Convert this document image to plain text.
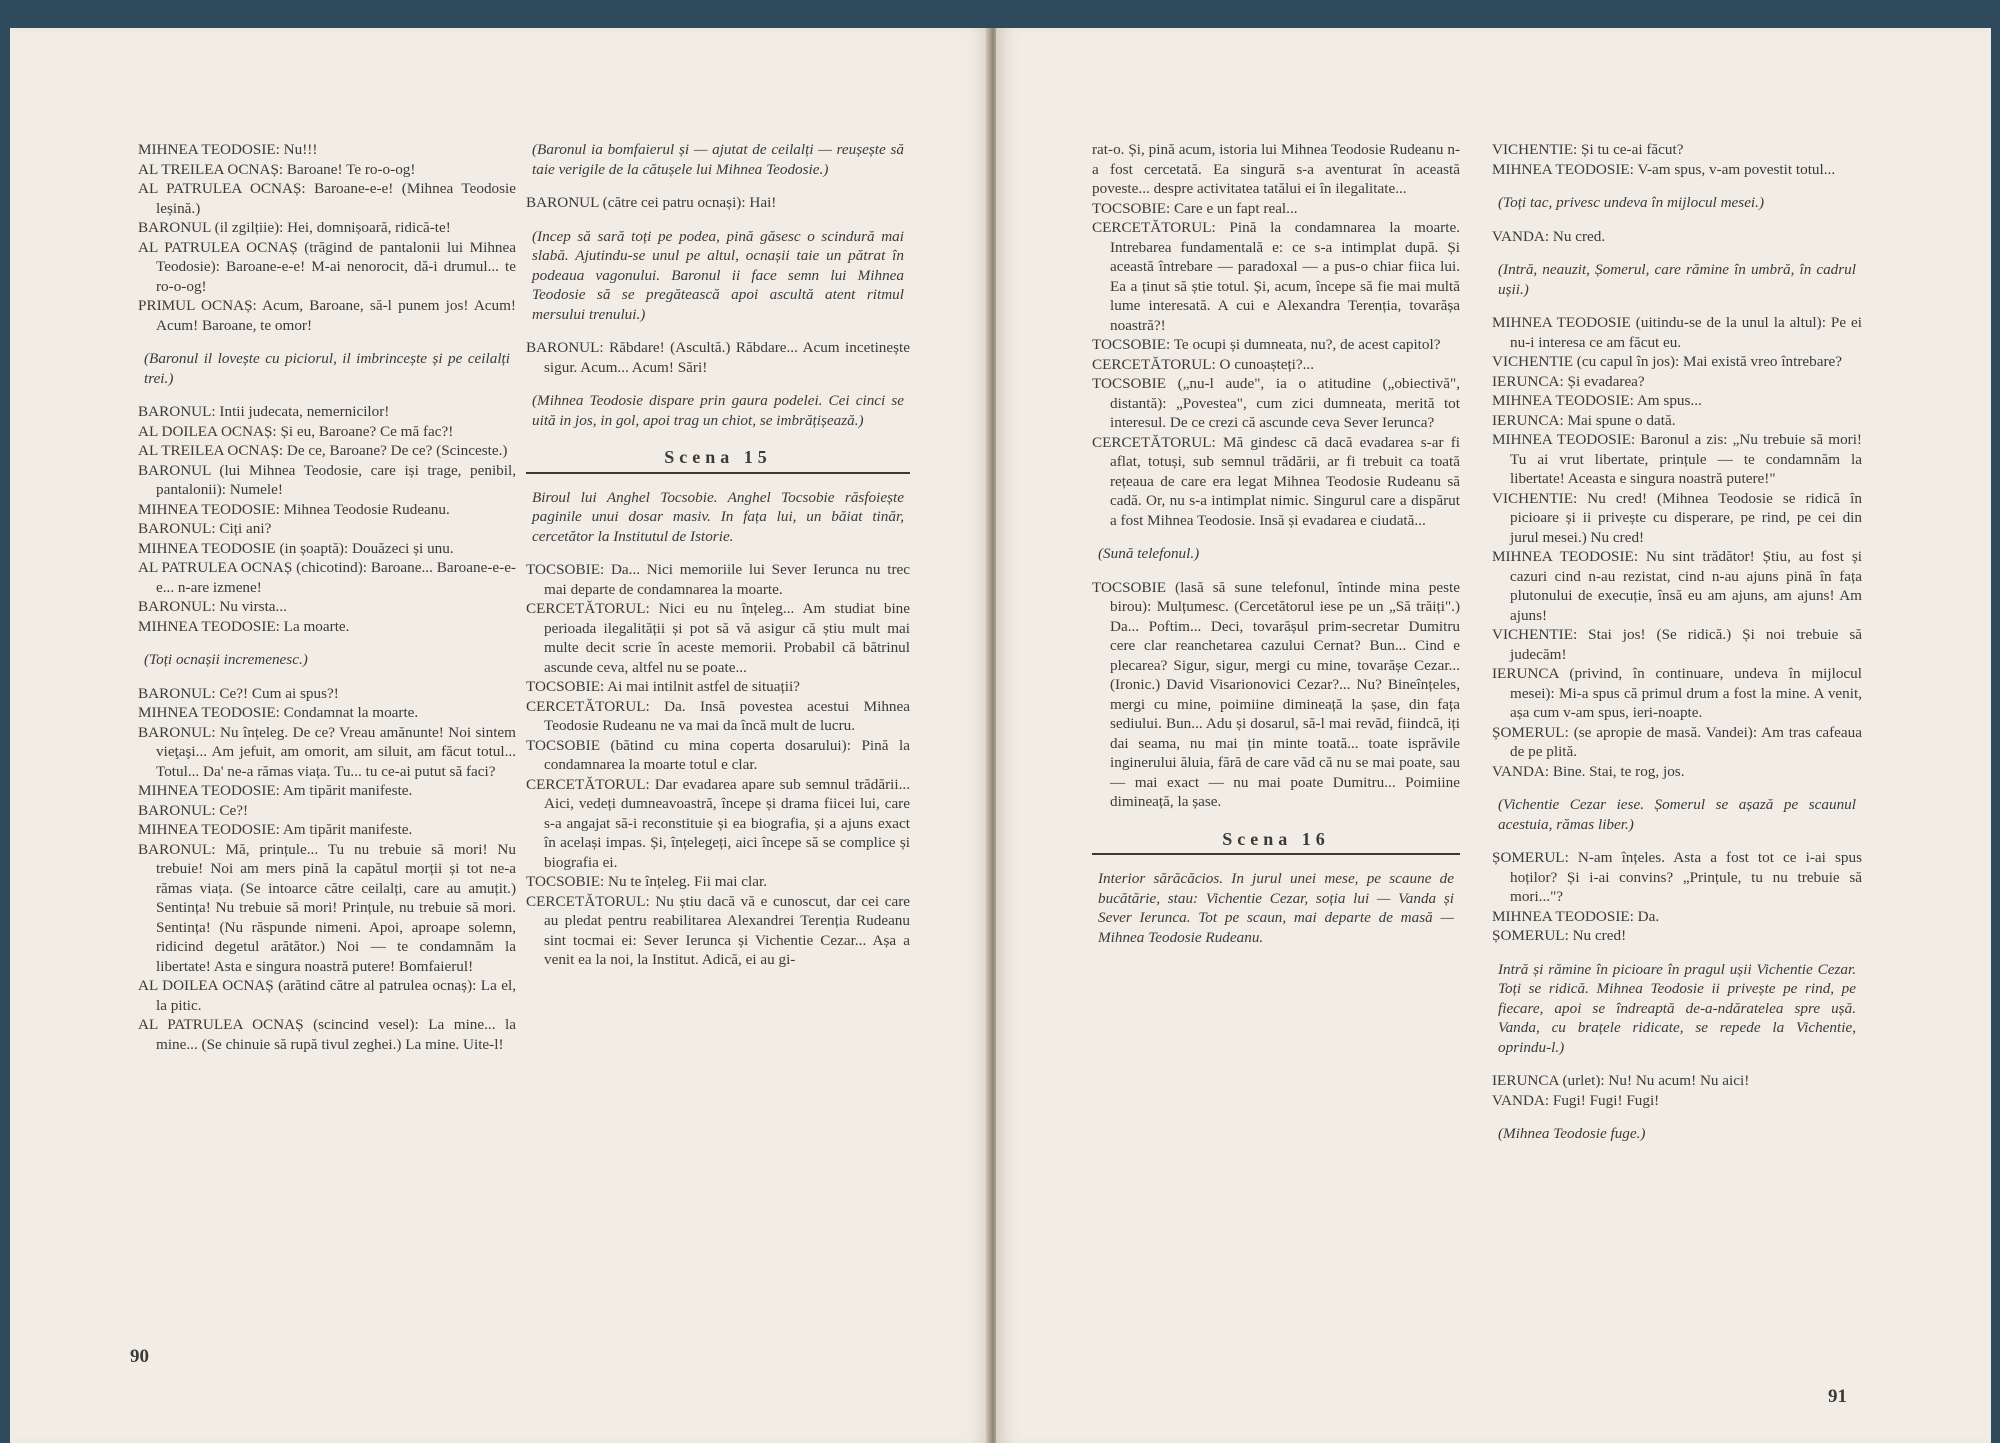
MIHNEA TEODOSIE: Nu!!!

AL TREILEA OCNAȘ: Baroane! Te ro-o-og!

AL PATRULEA OCNAȘ: Baroane-e-e! (Mihnea Teodosie leșină.)

BARONUL (il zgilțiie): Hei, domnișoară, ridică-te!

AL PATRULEA OCNAȘ (trăgind de pantalonii lui Mihnea Teodosie): Baroane-e-e! M-ai nenorocit, dă-i drumul... te ro-o-og!

PRIMUL OCNAȘ: Acum, Baroane, să-l punem jos! Acum! Acum! Baroane, te omor!

(Baronul il lovește cu piciorul, il imbrincește și pe ceilalți trei.)

BARONUL: Intii judecata, nemernicilor!

AL DOILEA OCNAȘ: Și eu, Baroane? Ce mă fac?!

AL TREILEA OCNAȘ: De ce, Baroane? De ce? (Scinceste.)

BARONUL (lui Mihnea Teodosie, care iși trage, penibil, pantalonii): Numele!

MIHNEA TEODOSIE: Mihnea Teodosie Rudeanu.

BARONUL: Ciți ani?

MIHNEA TEODOSIE (in șoaptă): Douăzeci și unu.

AL PATRULEA OCNAȘ (chicotind): Baroane... Baroane-e-e-e... n-are izmene!

BARONUL: Nu virsta...

MIHNEA TEODOSIE: La moarte.

(Toți ocnașii incremenesc.)

BARONUL: Ce?! Cum ai spus?!

MIHNEA TEODOSIE: Condamnat la moarte.

BARONUL: Nu înțeleg. De ce? Vreau amănunte! Noi sintem vieţaşi... Am jefuit, am omorit, am siluit, am făcut totul... Totul... Da' ne-a rămas viața. Tu... tu ce-ai putut să faci?

MIHNEA TEODOSIE: Am tipărit manifeste.

BARONUL: Ce?!

MIHNEA TEODOSIE: Am tipărit manifeste.

BARONUL: Mă, prințule... Tu nu trebuie să mori! Nu trebuie! Noi am mers pină la capătul morții și tot ne-a rămas viața. (Se intoarce către ceilalți, care au amuțit.) Sentința! Nu trebuie să mori! Prințule, nu trebuie să mori. Sentința! (Nu răspunde nimeni. Apoi, aproape solemn, ridicind degetul arătător.) Noi — te condamnăm la libertate! Asta e singura noastră putere! Bomfaierul!

AL DOILEA OCNAȘ (arătind către al patrulea ocnaș): La el, la pitic.

AL PATRULEA OCNAȘ (scincind vesel): La mine... la mine... (Se chinuie să rupă tivul zeghei.) La mine. Uite-l!

(Baronul ia bomfaierul și — ajutat de ceilalți — reușește să taie verigile de la cătușele lui Mihnea Teodosie.)

BARONUL (către cei patru ocnași): Hai!

(Incep să sară toți pe podea, pină găsesc o scindură mai slabă. Ajutindu-se unul pe altul, ocnașii taie un pătrat în podeaua vagonului. Baronul ii face semn lui Mihnea Teodosie să se pregătească apoi ascultă atent ritmul mersului trenului.)

BARONUL: Răbdare! (Ascultă.) Răbdare... Acum incetinește sigur. Acum... Acum! Sări!

(Mihnea Teodosie dispare prin gaura podelei. Cei cinci se uită in jos, in gol, apoi trag un chiot, se imbrățișează.)

Scena 15

Biroul lui Anghel Tocsobie. Anghel Tocsobie răsfoiește paginile unui dosar masiv. In fața lui, un băiat tinăr, cercetător la Institutul de Istorie.

TOCSOBIE: Da... Nici memoriile lui Sever Ierunca nu trec mai departe de condamnarea la moarte.

CERCETĂTORUL: Nici eu nu înțeleg... Am studiat bine perioada ilegalității și pot să vă asigur că știu mult mai multe decit scrie în aceste memorii. Probabil că bătrinul ascunde ceva, altfel nu se poate...

TOCSOBIE: Ai mai intilnit astfel de situații?

CERCETĂTORUL: Da. Insă povestea acestui Mihnea Teodosie Rudeanu ne va mai da încă mult de lucru.

TOCSOBIE (bătind cu mina coperta dosarului): Pină la condamnarea la moarte totul e clar.

CERCETĂTORUL: Dar evadarea apare sub semnul trădării... Aici, vedeți dumneavoastră, începe și drama fiicei lui, care s-a angajat să-i reconstituie și ea biografia, și a ajuns exact în același impas. Și, înțelegeți, aici începe să se complice și biografia ei.

TOCSOBIE: Nu te înțeleg. Fii mai clar.

CERCETĂTORUL: Nu știu dacă vă e cunoscut, dar cei care au pledat pentru reabilitarea Alexandrei Terenția Rudeanu sint tocmai ei: Sever Ierunca și Vichentie Cezar... Așa a venit ea la noi, la Institut. Adică, ei au gi-

90

rat-o. Și, pină acum, istoria lui Mihnea Teodosie Rudeanu n-a fost cercetată. Ea singură s-a aventurat în această poveste... despre activitatea tatălui ei în ilegalitate...

TOCSOBIE: Care e un fapt real...

CERCETĂTORUL: Pină la condamnarea la moarte. Intrebarea fundamentală e: ce s-a intimplat după. Și această întrebare — paradoxal — a pus-o chiar fiica lui. Ea a ținut să știe totul. Și, acum, începe să fie mai multă lume interesată. A cui e Alexandra Terenția, tovarășa noastră?!

TOCSOBIE: Te ocupi și dumneata, nu?, de acest capitol?

CERCETĂTORUL: O cunoașteți?...

TOCSOBIE („nu-l aude", ia o atitudine („obiectivă", distantă): „Povestea", cum zici dumneata, merită tot interesul. De ce crezi că ascunde ceva Sever Ierunca?

CERCETĂTORUL: Mă gindesc că dacă evadarea s-ar fi aflat, totuși, sub semnul trădării, ar fi trebuit ca toată rețeaua de care era legat Mihnea Teodosie Rudeanu să cadă. Or, nu s-a intimplat nimic. Singurul care a dispărut a fost Mihnea Teodosie. Insă și evadarea e ciudată...

(Sună telefonul.)

TOCSOBIE (lasă să sune telefonul, întinde mina peste birou): Mulțumesc. (Cercetătorul iese pe un „Să trăiți".) Da... Poftim... Deci, tovarășul prim-secretar Dumitru cere clar reanchetarea cazului Cernat? Bun... Cind e plecarea? Sigur, sigur, mergi cu mine, tovarășe Cezar... (Ironic.) David Visarionovici Cezar?... Nu? Bineînțeles, mergi cu mine, poimiine dimineață la șase, din fața sediului. Bun... Adu și dosarul, să-l mai revăd, fiindcă, iți dai seama, nu mai țin minte toată... toate isprăvile inginerului ăluia, fără de care văd că nu se mai poate, sau — mai exact — nu mai poate Dumitru... Poimiine dimineață, la șase.

Scena 16

Interior sărăcăcios. In jurul unei mese, pe scaune de bucătărie, stau: Vichentie Cezar, soția lui — Vanda și Sever Ierunca. Tot pe scaun, mai departe de masă — Mihnea Teodosie Rudeanu.

VICHENTIE: Și tu ce-ai făcut?

MIHNEA TEODOSIE: V-am spus, v-am povestit totul...

(Toți tac, privesc undeva în mijlocul mesei.)

VANDA: Nu cred.

(Intră, neauzit, Șomerul, care rămine în umbră, în cadrul ușii.)

MIHNEA TEODOSIE (uitindu-se de la unul la altul): Pe ei nu-i interesa ce am făcut eu.

VICHENTIE (cu capul în jos): Mai există vreo întrebare?

IERUNCA: Și evadarea?

MIHNEA TEODOSIE: Am spus...

IERUNCA: Mai spune o dată.

MIHNEA TEODOSIE: Baronul a zis: „Nu trebuie să mori! Tu ai vrut libertate, prințule — te condamnăm la libertate! Aceasta e singura noastră putere!"

VICHENTIE: Nu cred! (Mihnea Teodosie se ridică în picioare și ii privește cu disperare, pe rind, pe cei din jurul mesei.) Nu cred!

MIHNEA TEODOSIE: Nu sint trădător! Știu, au fost și cazuri cind n-au rezistat, cind n-au ajuns pină în fața plutonului de execuție, însă eu am ajuns, am ajuns! Am ajuns!

VICHENTIE: Stai jos! (Se ridică.) Și noi trebuie să judecăm!

IERUNCA (privind, în continuare, undeva în mijlocul mesei): Mi-a spus că primul drum a fost la mine. A venit, așa cum v-am spus, ieri-noapte.

ȘOMERUL: (se apropie de masă. Vandei): Am tras cafeaua de pe plită.

VANDA: Bine. Stai, te rog, jos.

(Vichentie Cezar iese. Șomerul se așază pe scaunul acestuia, rămas liber.)

ȘOMERUL: N-am înțeles. Asta a fost tot ce i-ai spus hoților? Și i-ai convins? „Prințule, tu nu trebuie să mori..."?

MIHNEA TEODOSIE: Da.

ȘOMERUL: Nu cred!

Intră și rămine în picioare în pragul ușii Vichentie Cezar. Toți se ridică. Mihnea Teodosie ii privește pe rind, pe fiecare, apoi se îndreaptă de-a-ndăratelea spre ușă. Vanda, cu brațele ridicate, se repede la Vichentie, oprindu-l.)

IERUNCA (urlet): Nu! Nu acum! Nu aici!

VANDA: Fugi! Fugi! Fugi!

(Mihnea Teodosie fuge.)

91
